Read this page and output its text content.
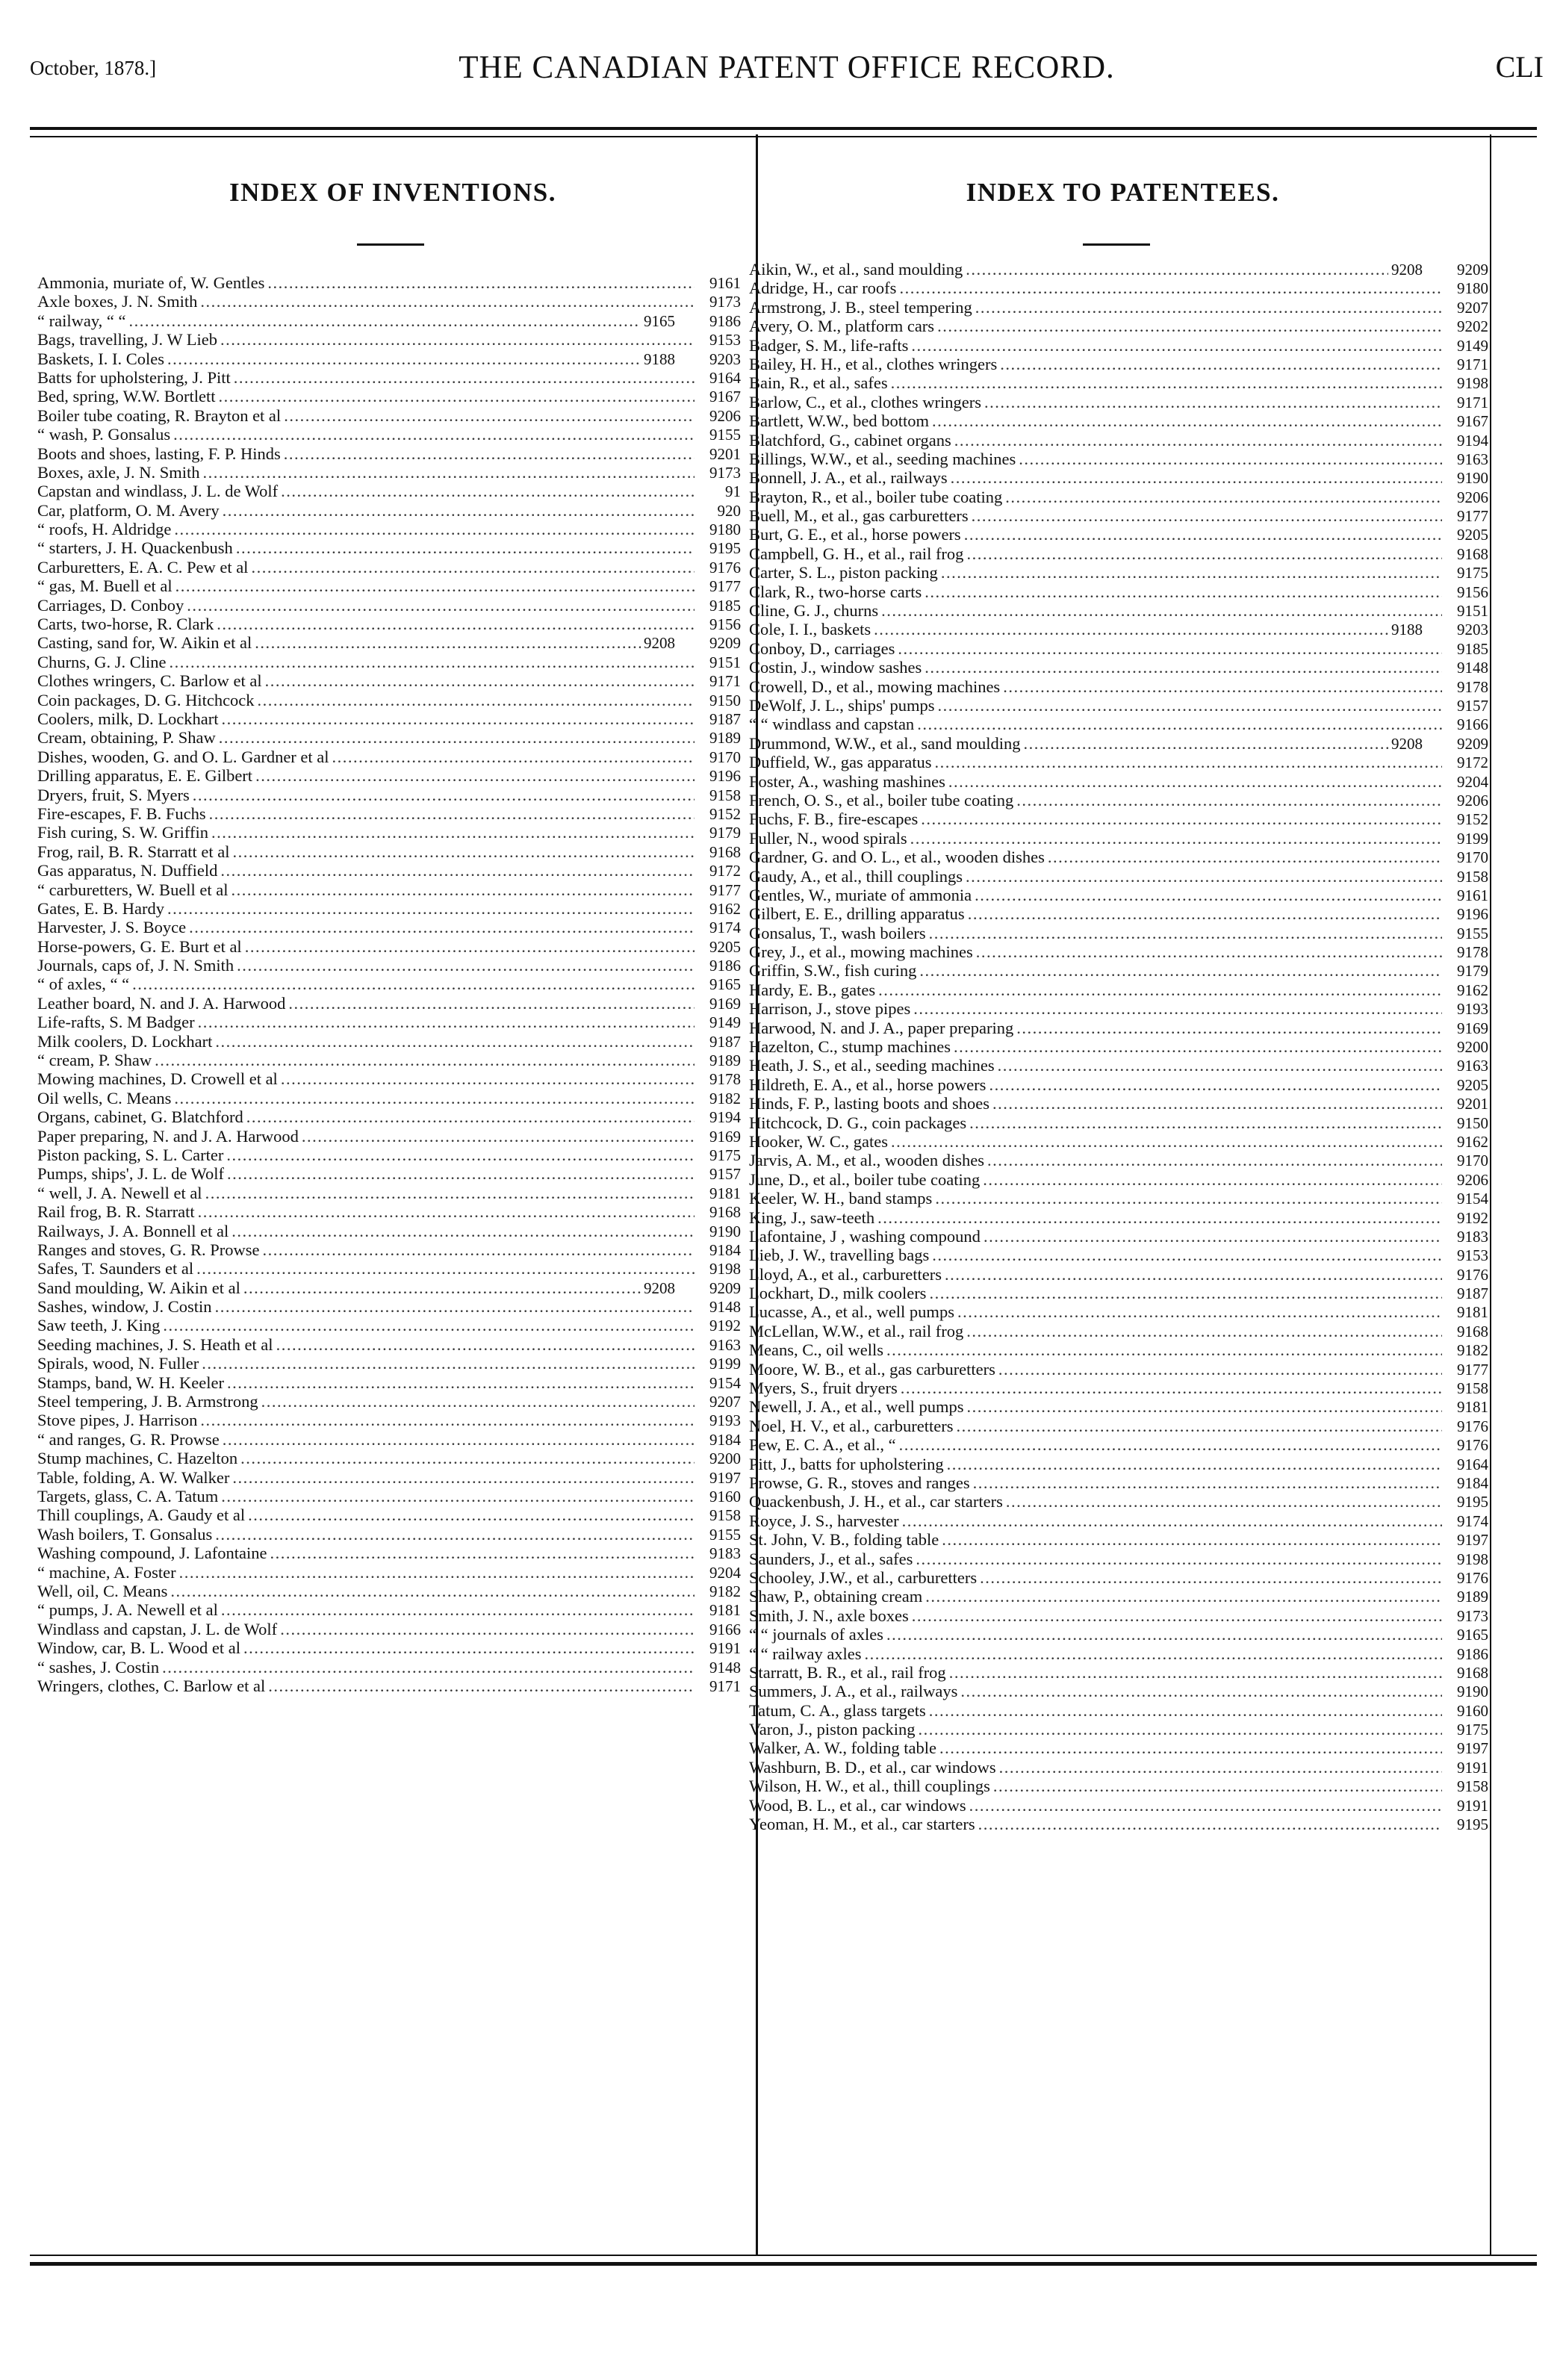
October, 1878.]	THE CANADIAN PATENT OFFICE RECORD.	CLI
INDEX OF INVENTIONS.	INDEX TO PATENTEES.
Ammonia, muriate of, W. Gentles .....	9161
Axle boxes, J. N. Smith .....	9173
“ railway, “ “ .....	9165	9186
Bags, travelling, J. W Lieb .....	9153
Baskets, I. I. Coles .....	9188	9203
Batts for upholstering, J. Pitt .....	9164
Bed, spring, W.W. Bortlett .....	9167
Boiler tube coating, R. Brayton et al .....	9206
“ wash, P. Gonsalus .....	9155
Boots and shoes, lasting, F. P. Hinds .....	9201
Boxes, axle, J. N. Smith .....	9173
Capstan and windlass, J. L. de Wolf .....	91
Car, platform, O. M. Avery .....	920
“ roofs, H. Aldridge .....	9180
“ starters, J. H. Quackenbush .....	9195
Carburetters, E. A. C. Pew et al .....	9176
“ gas, M. Buell et al .....	9177
Carriages, D. Conboy .....	9185
Carts, two-horse, R. Clark .....	9156
Casting, sand for, W. Aikin et al .....	9208	9209
Churns, G. J. Cline .....	9151
Clothes wringers, C. Barlow et al .....	9171
Coin packages, D. G. Hitchcock .....	9150
Coolers, milk, D. Lockhart .....	9187
Cream, obtaining, P. Shaw .....	9189
Dishes, wooden, G. and O. L. Gardner et al .....	9170
Drilling apparatus, E. E. Gilbert .....	9196
Dryers, fruit, S. Myers .....	9158
Fire-escapes, F. B. Fuchs .....	9152
Fish curing, S. W. Griffin .....	9179
Frog, rail, B. R. Starratt et al .....	9168
Gas apparatus, N. Duffield .....	9172
“ carburetters, W. Buell et al .....	9177
Gates, E. B. Hardy .....	9162
Harvester, J. S. Boyce .....	9174
Horse-powers, G. E. Burt et al .....	9205
Journals, caps of, J. N. Smith .....	9186
“ of axles, “ “ .....	9165
Leather board, N. and J. A. Harwood .....	9169
Life-rafts, S. M Badger .....	9149
Milk coolers, D. Lockhart .....	9187
“ cream, P. Shaw .....	9189
Mowing machines, D. Crowell et al .....	9178
Oil wells, C. Means .....	9182
Organs, cabinet, G. Blatchford .....	9194
Paper preparing, N. and J. A. Harwood .....	9169
Piston packing, S. L. Carter .....	9175
Pumps, ships', J. L. de Wolf .....	9157
“ well, J. A. Newell et al .....	9181
Rail frog, B. R. Starratt .....	9168
Railways, J. A. Bonnell et al .....	9190
Ranges and stoves, G. R. Prowse .....	9184
Safes, T. Saunders et al .....	9198
Sand moulding, W. Aikin et al .....	9208	9209
Sashes, window, J. Costin .....	9148
Saw teeth, J. King .....	9192
Seeding machines, J. S. Heath et al .....	9163
Spirals, wood, N. Fuller .....	9199
Stamps, band, W. H. Keeler .....	9154
Steel tempering, J. B. Armstrong .....	9207
Stove pipes, J. Harrison .....	9193
“ and ranges, G. R. Prowse .....	9184
Stump machines, C. Hazelton .....	9200
Table, folding, A. W. Walker .....	9197
Targets, glass, C. A. Tatum .....	9160
Thill couplings, A. Gaudy et al .....	9158
Wash boilers, T. Gonsalus .....	9155
Washing compound, J. Lafontaine .....	9183
“ machine, A. Foster .....	9204
Well, oil, C. Means .....	9182
“ pumps, J. A. Newell et al .....	9181
Windlass and capstan, J. L. de Wolf .....	9166
Window, car, B. L. Wood et al .....	9191
“ sashes, J. Costin .....	9148
Wringers, clothes, C. Barlow et al .....	9171
Aikin, W., et al., sand moulding .....	9208	9209
Adridge, H., car roofs .....	9180
Armstrong, J. B., steel tempering .....	9207
Avery, O. M., platform cars .....	9202
Badger, S. M., life-rafts .....	9149
Bailey, H. H., et al., clothes wringers .....	9171
Bain, R., et al., safes .....	9198
Barlow, C., et al., clothes wringers .....	9171
Bartlett, W.W., bed bottom .....	9167
Blatchford, G., cabinet organs .....	9194
Billings, W.W., et al., seeding machines .....	9163
Bonnell, J. A., et al., railways .....	9190
Brayton, R., et al., boiler tube coating .....	9206
Buell, M., et al., gas carburetters .....	9177
Burt, G. E., et al., horse powers .....	9205
Campbell, G. H., et al., rail frog .....	9168
Carter, S. L., piston packing .....	9175
Clark, R., two-horse carts .....	9156
Cline, G. J., churns .....	9151
Cole, I. I., baskets .....	9188	9203
Conboy, D., carriages .....	9185
Costin, J., window sashes .....	9148
Crowell, D., et al., mowing machines .....	9178
DeWolf, J. L., ships' pumps .....	9157
“ “ windlass and capstan .....	9166
Drummond, W.W., et al., sand moulding .....	9208	9209
Duffield, W., gas apparatus .....	9172
Foster, A., washing mashines .....	9204
French, O. S., et al., boiler tube coating .....	9206
Fuchs, F. B., fire-escapes .....	9152
Fuller, N., wood spirals .....	9199
Gardner, G. and O. L., et al., wooden dishes .....	9170
Gaudy, A., et al., thill couplings .....	9158
Gentles, W., muriate of ammonia .....	9161
Gilbert, E. E., drilling apparatus .....	9196
Gonsalus, T., wash boilers .....	9155
Grey, J., et al., mowing machines .....	9178
Griffin, S.W., fish curing .....	9179
Hardy, E. B., gates .....	9162
Harrison, J., stove pipes .....	9193
Harwood, N. and J. A., paper preparing .....	9169
Hazelton, C., stump machines .....	9200
Heath, J. S., et al., seeding machines .....	9163
Hildreth, E. A., et al., horse powers .....	9205
Hinds, F. P., lasting boots and shoes .....	9201
Hitchcock, D. G., coin packages .....	9150
Hooker, W. C., gates .....	9162
Jarvis, A. M., et al., wooden dishes .....	9170
June, D., et al., boiler tube coating .....	9206
Keeler, W. H., band stamps .....	9154
King, J., saw-teeth .....	9192
Lafontaine, J , washing compound .....	9183
Lieb, J. W., travelling bags .....	9153
Lloyd, A., et al., carburetters .....	9176
Lockhart, D., milk coolers .....	9187
Lucasse, A., et al., well pumps .....	9181
McLellan, W.W., et al., rail frog .....	9168
Means, C., oil wells .....	9182
Moore, W. B., et al., gas carburetters .....	9177
Myers, S., fruit dryers .....	9158
Newell, J. A., et al., well pumps .....	9181
Noel, H. V., et al., carburetters .....	9176
Pew, E. C. A., et al., “ .....	9176
Pitt, J., batts for upholstering .....	9164
Prowse, G. R., stoves and ranges .....	9184
Quackenbush, J. H., et al., car starters .....	9195
Royce, J. S., harvester .....	9174
St. John, V. B., folding table .....	9197
Saunders, J., et al., safes .....	9198
Schooley, J.W., et al., carburetters .....	9176
Shaw, P., obtaining cream .....	9189
Smith, J. N., axle boxes .....	9173
“ “ journals of axles .....	9165
“ “ railway axles .....	9186
Starratt, B. R., et al., rail frog .....	9168
Summers, J. A., et al., railways .....	9190
Tatum, C. A., glass targets .....	9160
Varon, J., piston packing .....	9175
Walker, A. W., folding table .....	9197
Washburn, B. D., et al., car windows .....	9191
Wilson, H. W., et al., thill couplings .....	9158
Wood, B. L., et al., car windows .....	9191
Yeoman, H. M., et al., car starters .....	9195
